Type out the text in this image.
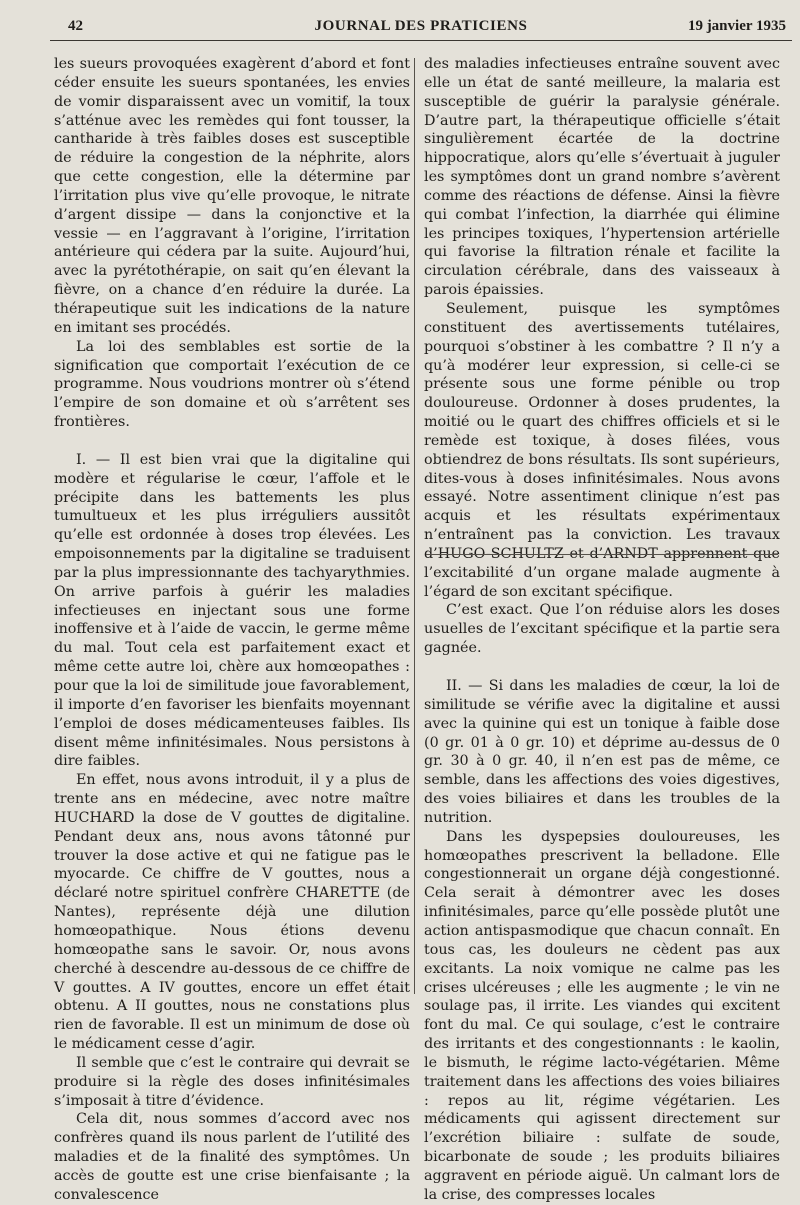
42	JOURNAL DES PRATICIENS	19 janvier 1935

les sueurs provoquées exagèrent d’abord et font céder ensuite les sueurs spontanées, les envies de vomir disparaissent avec un vomitif, la toux s’atténue avec les remèdes qui font tousser, la cantharide à très faibles doses est susceptible de réduire la congestion de la néphrite, alors que cette congestion, elle la détermine par l’irritation plus vive qu’elle provoque, le nitrate d’argent dissipe — dans la conjonctive et la vessie — en l’aggravant à l’origine, l’irritation antérieure qui cédera par la suite. Aujourd’hui, avec la pyrétothérapie, on sait qu’en élevant la fièvre, on a chance d’en réduire la durée. La thérapeutique suit les indications de la nature en imitant ses procédés.

La loi des semblables est sortie de la signification que comportait l’exécution de ce programme. Nous voudrions montrer où s’étend l’empire de son domaine et où s’arrêtent ses frontières.

I. — Il est bien vrai que la digitaline qui modère et régularise le cœur, l’affole et le précipite dans les battements les plus tumultueux et les plus irréguliers aussitôt qu’elle est ordonnée à doses trop élevées. Les empoisonnements par la digitaline se traduisent par la plus impressionnante des tachyarythmies. On arrive parfois à guérir les maladies infectieuses en injectant sous une forme inoffensive et à l’aide de vaccin, le germe même du mal. Tout cela est parfaitement exact et même cette autre loi, chère aux homœopathes : pour que la loi de similitude joue favorablement, il importe d’en favoriser les bienfaits moyennant l’emploi de doses médicamenteuses faibles. Ils disent même infinitésimales. Nous persistons à dire faibles.

En effet, nous avons introduit, il y a plus de trente ans en médecine, avec notre maître HUCHARD la dose de V gouttes de digitaline. Pendant deux ans, nous avons tâtonné pur trouver la dose active et qui ne fatigue pas le myocarde. Ce chiffre de V gouttes, nous a déclaré notre spirituel confrère CHARETTE (de Nantes), représente déjà une dilution homœopathique. Nous étions devenu homœopathe sans le savoir. Or, nous avons cherché à descendre au-dessous de ce chiffre de V gouttes. A IV gouttes, encore un effet était obtenu. A II gouttes, nous ne constations plus rien de favorable. Il est un minimum de dose où le médicament cesse d’agir.

Il semble que c’est le contraire qui devrait se produire si la règle des doses infinitésimales s’imposait à titre d’évidence.

Cela dit, nous sommes d’accord avec nos confrères quand ils nous parlent de l’utilité des maladies et de la finalité des symptômes. Un accès de goutte est une crise bienfaisante ; la convalescence

des maladies infectieuses entraîne souvent avec elle un état de santé meilleure, la malaria est susceptible de guérir la paralysie générale. D’autre part, la thérapeutique officielle s’était singulièrement écartée de la doctrine hippocratique, alors qu’elle s’évertuait à juguler les symptômes dont un grand nombre s’avèrent comme des réactions de défense. Ainsi la fièvre qui combat l’infection, la diarrhée qui élimine les principes toxiques, l’hypertension artérielle qui favorise la filtration rénale et facilite la circulation cérébrale, dans des vaisseaux à parois épaissies.

Seulement, puisque les symptômes constituent des avertissements tutélaires, pourquoi s’obstiner à les combattre ? Il n’y a qu’à modérer leur expression, si celle-ci se présente sous une forme pénible ou trop douloureuse. Ordonner à doses prudentes, la moitié ou le quart des chiffres officiels et si le remède est toxique, à doses filées, vous obtiendrez de bons résultats. Ils sont supérieurs, dites-vous à doses infinitésimales. Nous avons essayé. Notre assentiment clinique n’est pas acquis et les résultats expérimentaux n’entraînent pas la conviction. Les travaux d’HUGO-SCHULTZ et d’ARNDT apprennent que l’excitabilité d’un organe malade augmente à l’égard de son excitant spécifique.

C’est exact. Que l’on réduise alors les doses usuelles de l’excitant spécifique et la partie sera gagnée.

II. — Si dans les maladies de cœur, la loi de similitude se vérifie avec la digitaline et aussi avec la quinine qui est un tonique à faible dose (0 gr. 01 à 0 gr. 10) et déprime au-dessus de 0 gr. 30 à 0 gr. 40, il n’en est pas de même, ce semble, dans les affections des voies digestives, des voies biliaires et dans les troubles de la nutrition.

Dans les dyspepsies douloureuses, les homœopathes prescrivent la belladone. Elle congestionnerait un organe déjà congestionné. Cela serait à démontrer avec les doses infinitésimales, parce qu’elle possède plutôt une action antispasmodique que chacun connaît. En tous cas, les douleurs ne cèdent pas aux excitants. La noix vomique ne calme pas les crises ulcéreuses ; elle les augmente ; le vin ne soulage pas, il irrite. Les viandes qui excitent font du mal. Ce qui soulage, c’est le contraire des irritants et des congestionnants : le kaolin, le bismuth, le régime lacto-végétarien. Même traitement dans les affections des voies biliaires : repos au lit, régime végétarien. Les médicaments qui agissent directement sur l’excrétion biliaire : sulfate de soude, bicarbonate de soude ; les produits biliaires aggravent en période aiguë. Un calmant lors de la crise, des compresses locales
